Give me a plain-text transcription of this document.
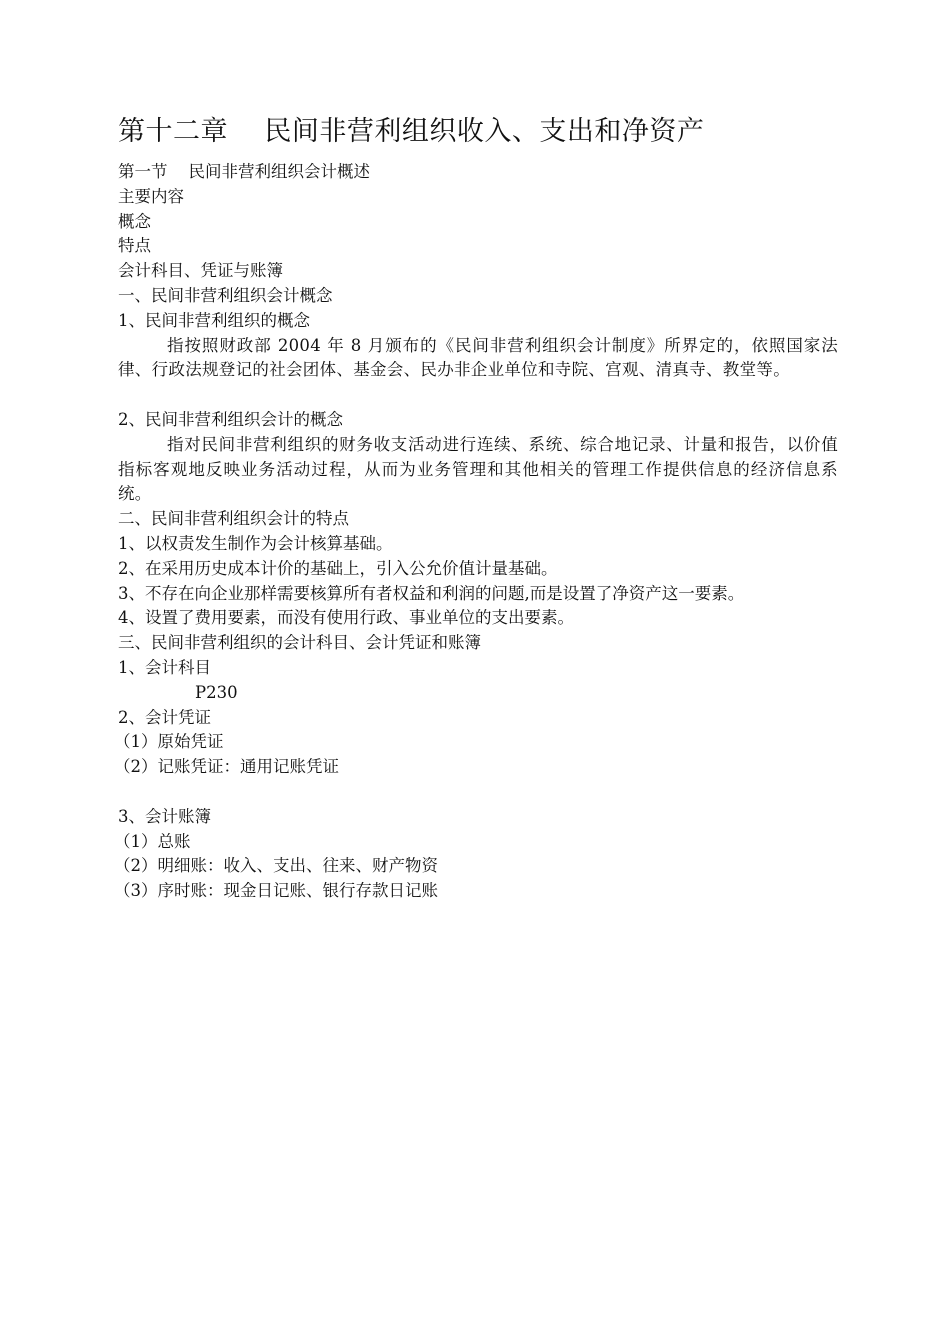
第十二章    民间非营利组织收入、支出和净资产

第一节    民间非营利组织会计概述

主要内容

概念

特点

会计科目、凭证与账簿

一、民间非营利组织会计概念

1、民间非营利组织的概念

指按照财政部 2004 年 8 月颁布的《民间非营利组织会计制度》所界定的，依照国家法律、行政法规登记的社会团体、基金会、民办非企业单位和寺院、宫观、清真寺、教堂等。

2、民间非营利组织会计的概念

指对民间非营利组织的财务收支活动进行连续、系统、综合地记录、计量和报告，以价值指标客观地反映业务活动过程，从而为业务管理和其他相关的管理工作提供信息的经济信息系统。

二、民间非营利组织会计的特点

1、以权责发生制作为会计核算基础。

2、在采用历史成本计价的基础上，引入公允价值计量基础。

3、不存在向企业那样需要核算所有者权益和利润的问题,而是设置了净资产这一要素。

4、设置了费用要素，而没有使用行政、事业单位的支出要素。

三、民间非营利组织的会计科目、会计凭证和账簿

1、会计科目

P230

2、会计凭证

（1）原始凭证

（2）记账凭证：通用记账凭证

3、会计账簿

（1）总账

（2）明细账：收入、支出、往来、财产物资

（3）序时账：现金日记账、银行存款日记账
